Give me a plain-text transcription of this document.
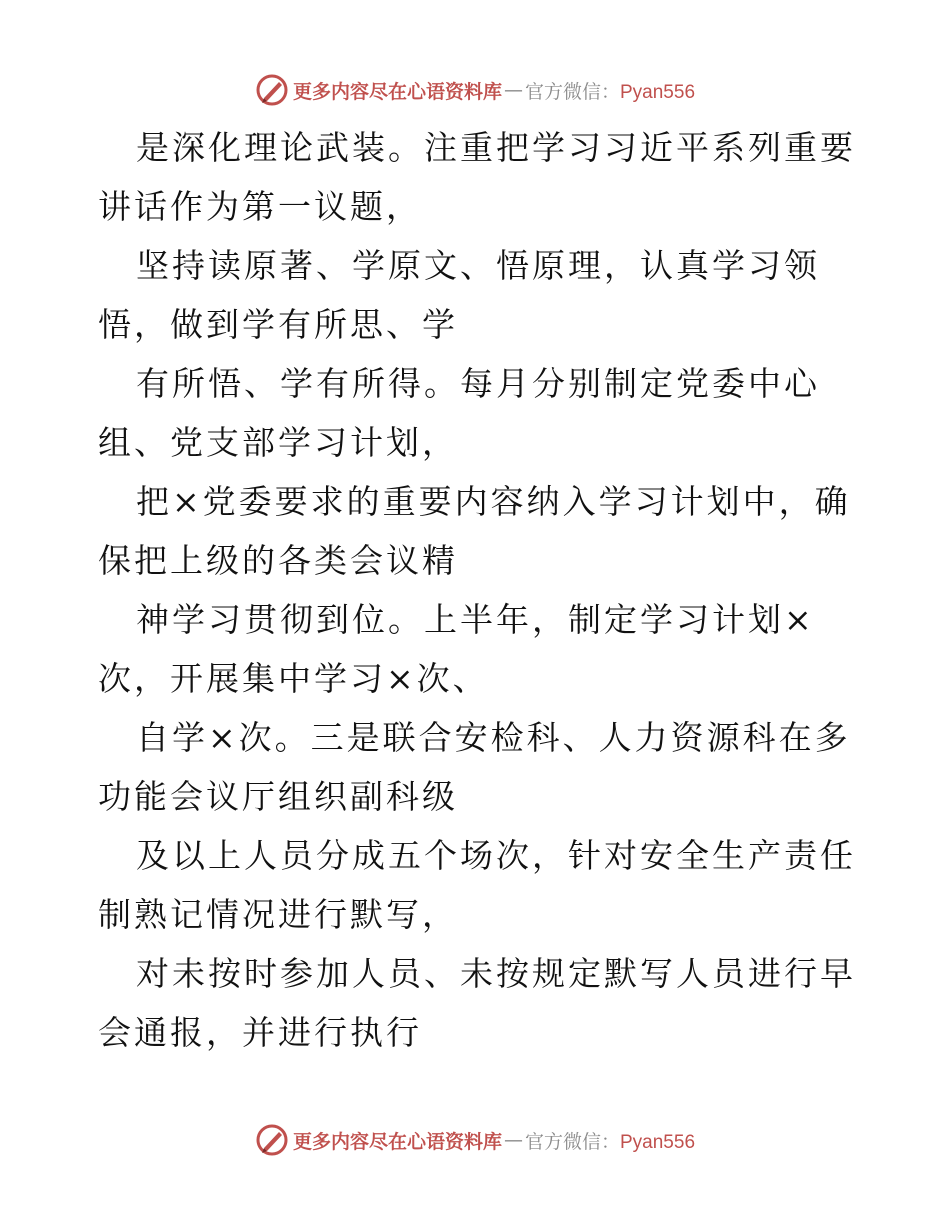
更多内容尽在心语资料库 — 官方微信：Pyan556

是深化理论武装。注重把学习习近平系列重要讲话作为第一议题，

坚持读原著、学原文、悟原理，认真学习领悟，做到学有所思、学

有所悟、学有所得。每月分别制定党委中心组、党支部学习计划，

把×党委要求的重要内容纳入学习计划中，确保把上级的各类会议精

神学习贯彻到位。上半年，制定学习计划×次，开展集中学习×次、

自学×次。三是联合安检科、人力资源科在多功能会议厅组织副科级

及以上人员分成五个场次，针对安全生产责任制熟记情况进行默写，

对未按时参加人员、未按规定默写人员进行早会通报，并进行执行

更多内容尽在心语资料库 — 官方微信：Pyan556
